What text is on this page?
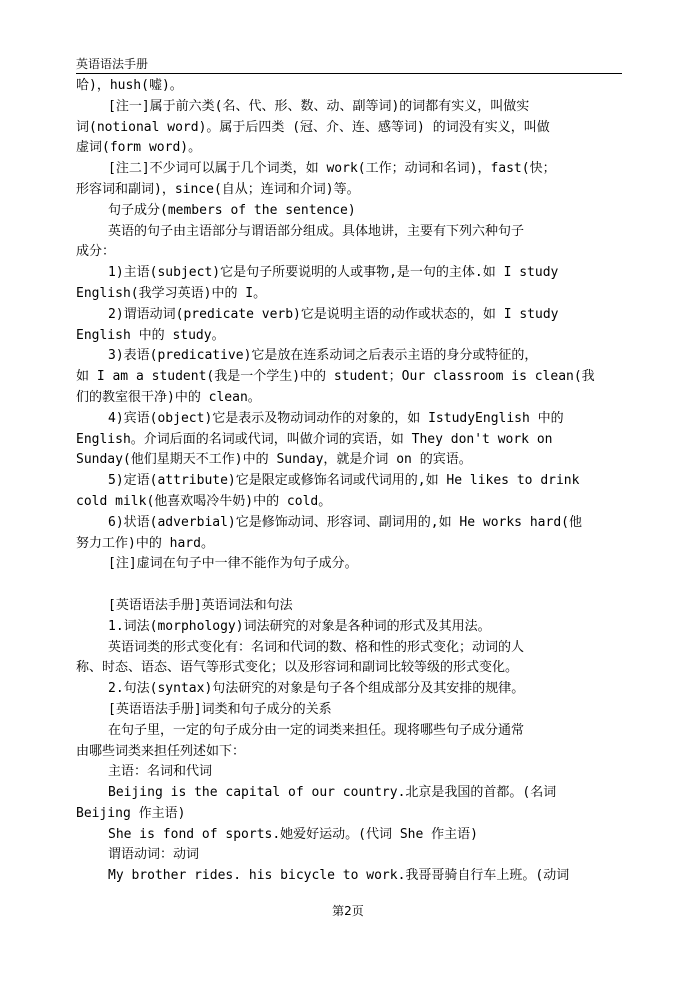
英语语法手册
哈)，hush(嘘)。
[注一]属于前六类(名、代、形、数、动、副等词)的词都有实义，叫做实
词(notional word)。属于后四类 (冠、介、连、感等词) 的词没有实义，叫做
虚词(form word)。
[注二]不少词可以属于几个词类，如 work(工作；动词和名词)，fast(快；
形容词和副词)，since(自从；连词和介词)等。
句子成分(members of the sentence)
英语的句子由主语部分与谓语部分组成。具体地讲，主要有下列六种句子
成分：
1)主语(subject)它是句子所要说明的人或事物,是一句的主体.如 I study
English(我学习英语)中的 I。
2)谓语动词(predicate verb)它是说明主语的动作或状态的，如 I study
English 中的 study。
3)表语(predicative)它是放在连系动词之后表示主语的身分或特征的，
如 I am a student(我是一个学生)中的 student；Our classroom is clean(我
们的教室很干净)中的 clean。
4)宾语(object)它是表示及物动词动作的对象的，如 IstudyEnglish 中的
English。介词后面的名词或代词，叫做介词的宾语，如 They don't work on
Sunday(他们星期天不工作)中的 Sunday，就是介词 on 的宾语。
5)定语(attribute)它是限定或修饰名词或代词用的,如 He likes to drink
cold milk(他喜欢喝冷牛奶)中的 cold。
6)状语(adverbial)它是修饰动词、形容词、副词用的,如 He works hard(他
努力工作)中的 hard。
[注]虚词在句子中一律不能作为句子成分。
[英语语法手册]英语词法和句法
1.词法(morphology)词法研究的对象是各种词的形式及其用法。
英语词类的形式变化有：名词和代词的数、格和性的形式变化；动词的人
称、时态、语态、语气等形式变化；以及形容词和副词比较等级的形式变化。
2.句法(syntax)句法研究的对象是句子各个组成部分及其安排的规律。
[英语语法手册]词类和句子成分的关系
在句子里，一定的句子成分由一定的词类来担任。现将哪些句子成分通常
由哪些词类来担任列述如下：
主语：名词和代词
Beijing is the capital of our country.北京是我国的首都。(名词
Beijing 作主语)
She is fond of sports.她爱好运动。(代词 She 作主语)
谓语动词：动词
My brother rides. his bicycle to work.我哥哥骑自行车上班。(动词
第2页
